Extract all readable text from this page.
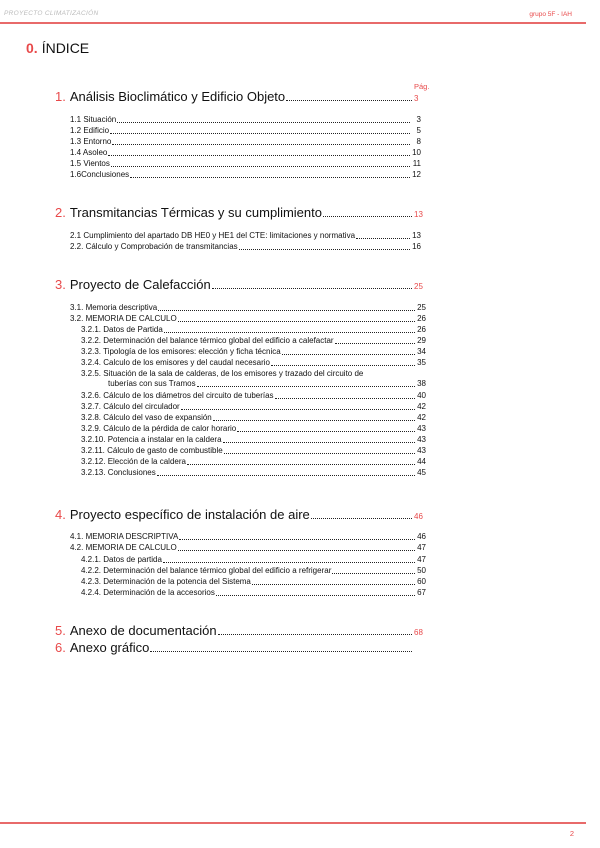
PROYECTO CLIMATIZACIÓN	grupo 5F - IAH
0. ÍNDICE
Pág.
1. Análisis Bioclimático y Edificio Objeto	3
1.1 Situación	3
1.2 Edificio	5
1.3 Entorno	8
1.4 Asoleo	10
1.5 Vientos	11
1.6Conclusiones	12
2. Transmitancias Térmicas y su cumplimiento	13
2.1 Cumplimiento del apartado DB HE0 y HE1 del CTE: limitaciones y normativa	13
2.2. Cálculo y Comprobación de transmitancias	16
3. Proyecto de Calefacción	25
3.1. Memoria descriptiva	25
3.2. MEMORIA DE CALCULO	26
3.2.1. Datos de Partida	26
3.2.2. Determinación del balance térmico global del edificio a calefactar	29
3.2.3. Tipología de los emisores: elección y ficha técnica	34
3.2.4. Calculo de los emisores y del caudal necesario	35
3.2.5. Situación de la sala de calderas, de los emisores y trazado del circuito de
tuberías con sus Tramos	38
3.2.6. Cálculo de los diámetros del circuito de tuberías	40
3.2.7. Cálculo del circulador	42
3.2.8. Cálculo del vaso de expansión	42
3.2.9. Cálculo de la pérdida de calor horario	43
3.2.10. Potencia a instalar en la caldera	43
3.2.11. Cálculo de gasto de combustible	43
3.2.12. Elección de la caldera	44
3.2.13. Conclusiones	45
4. Proyecto específico de instalación de aire	46
4.1. MEMORIA DESCRIPTIVA	46
4.2. MEMORIA DE CALCULO	47
4.2.1. Datos de partida	47
4.2.2. Determinación del balance térmico global del edificio a refrigerar	50
4.2.3. Determinación de la potencia del Sistema	60
4.2.4. Determinación de la accesorios	67
5. Anexo de documentación	68
6. Anexo gráfico
2
